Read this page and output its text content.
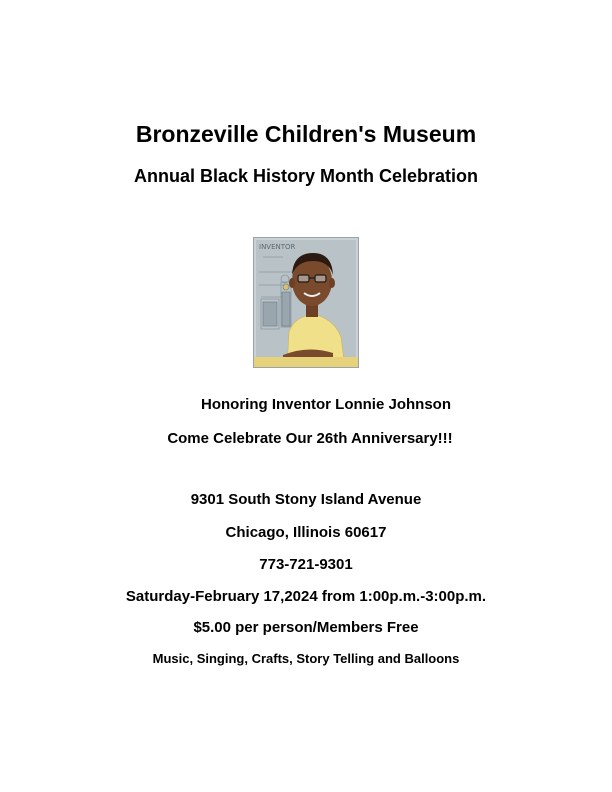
Bronzeville Children's Museum
Annual Black History Month Celebration
INVENTOR
Honoring Inventor Lonnie Johnson
Come Celebrate Our 26th Anniversary!!!
9301 South Stony Island Avenue
Chicago, Illinois 60617
773-721-9301
Saturday-February 17,2024 from 1:00p.m.-3:00p.m.
$5.00 per person/Members Free
Music, Singing, Crafts, Story Telling and Balloons
